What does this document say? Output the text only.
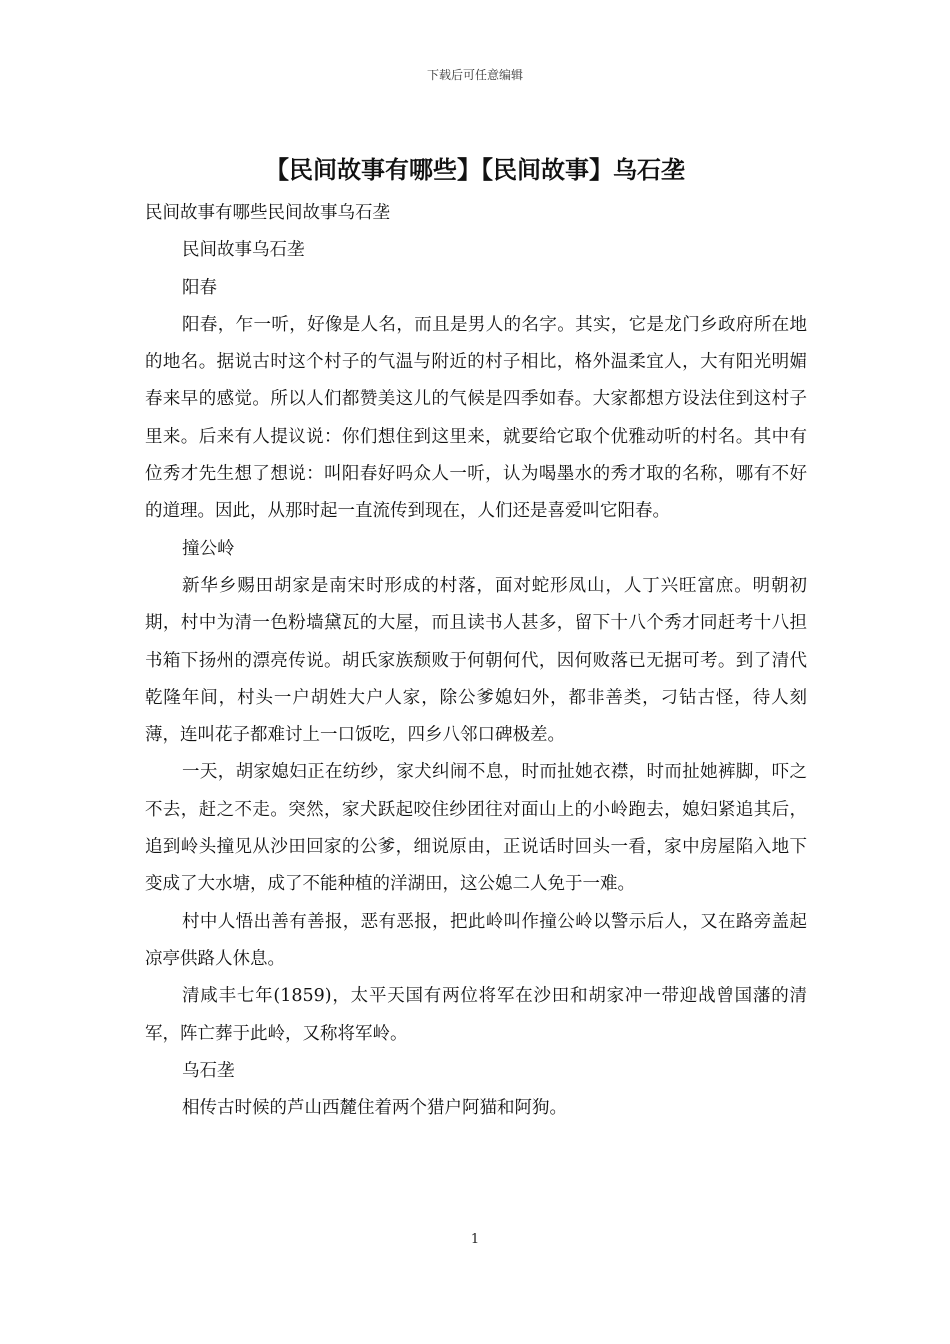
下载后可任意编辑
【民间故事有哪些】【民间故事】乌石垄

民间故事有哪些民间故事乌石垄

民间故事乌石垄

阳春

阳春，乍一听，好像是人名，而且是男人的名字。其实，它是龙门乡政府所在地的地名。据说古时这个村子的气温与附近的村子相比，格外温柔宜人，大有阳光明媚春来早的感觉。所以人们都赞美这儿的气候是四季如春。大家都想方设法住到这村子里来。后来有人提议说：你们想住到这里来，就要给它取个优雅动听的村名。其中有位秀才先生想了想说：叫阳春好吗众人一听，认为喝墨水的秀才取的名称，哪有不好的道理。因此，从那时起一直流传到现在，人们还是喜爱叫它阳春。

撞公岭

新华乡赐田胡家是南宋时形成的村落，面对蛇形凤山，人丁兴旺富庶。明朝初期，村中为清一色粉墙黛瓦的大屋，而且读书人甚多，留下十八个秀才同赶考十八担书箱下扬州的漂亮传说。胡氏家族颓败于何朝何代，因何败落已无据可考。到了清代乾隆年间，村头一户胡姓大户人家，除公爹媳妇外，都非善类，刁钻古怪，待人刻薄，连叫花子都难讨上一口饭吃，四乡八邻口碑极差。

一天，胡家媳妇正在纺纱，家犬纠闹不息，时而扯她衣襟，时而扯她裤脚，吓之不去，赶之不走。突然，家犬跃起咬住纱团往对面山上的小岭跑去，媳妇紧追其后，追到岭头撞见从沙田回家的公爹，细说原由，正说话时回头一看，家中房屋陷入地下变成了大水塘，成了不能种植的洋湖田，这公媳二人免于一难。

村中人悟出善有善报，恶有恶报，把此岭叫作撞公岭以警示后人，又在路旁盖起凉亭供路人休息。

清咸丰七年(1859)，太平天国有两位将军在沙田和胡家冲一带迎战曾国藩的清军，阵亡葬于此岭，又称将军岭。

乌石垄

相传古时候的芦山西麓住着两个猎户阿猫和阿狗。

1
